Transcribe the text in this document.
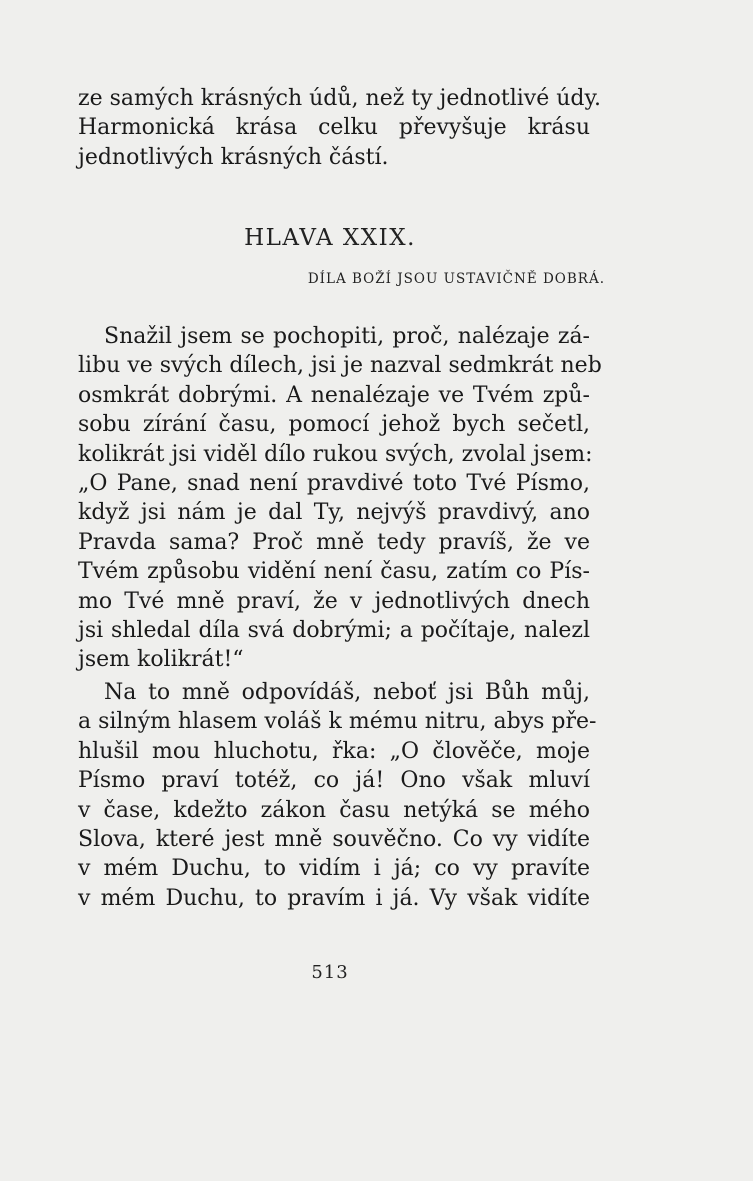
ze samých krásných údů, než ty jednotlivé údy.
Harmonická krása celku převyšuje krásu
jednotlivých krásných částí.
HLAVA XXIX.
DÍLA BOŽÍ JSOU USTAVIČNĚ DOBRÁ.
Snažil jsem se pochopiti, proč, nalézaje zá-
libu ve svých dílech, jsi je nazval sedmkrát neb
osmkrát dobrými. A nenalézaje ve Tvém způ-
sobu zírání času, pomocí jehož bych sečetl,
kolikrát jsi viděl dílo rukou svých, zvolal jsem:
„O Pane, snad není pravdivé toto Tvé Písmo,
když jsi nám je dal Ty, nejvýš pravdivý, ano
Pravda sama? Proč mně tedy pravíš, že ve
Tvém způsobu vidění není času, zatím co Pís-
mo Tvé mně praví, že v jednotlivých dnech
jsi shledal díla svá dobrými; a počítaje, nalezl
jsem kolikrát!“
Na to mně odpovídáš, neboť jsi Bůh můj,
a silným hlasem voláš k mému nitru, abys pře-
hlušil mou hluchotu, řka: „O člověče, moje
Písmo praví totéž, co já! Ono však mluví
v čase, kdežto zákon času netýká se mého
Slova, které jest mně souvěčno. Co vy vidíte
v mém Duchu, to vidím i já; co vy pravíte
v mém Duchu, to pravím i já. Vy však vidíte
513
